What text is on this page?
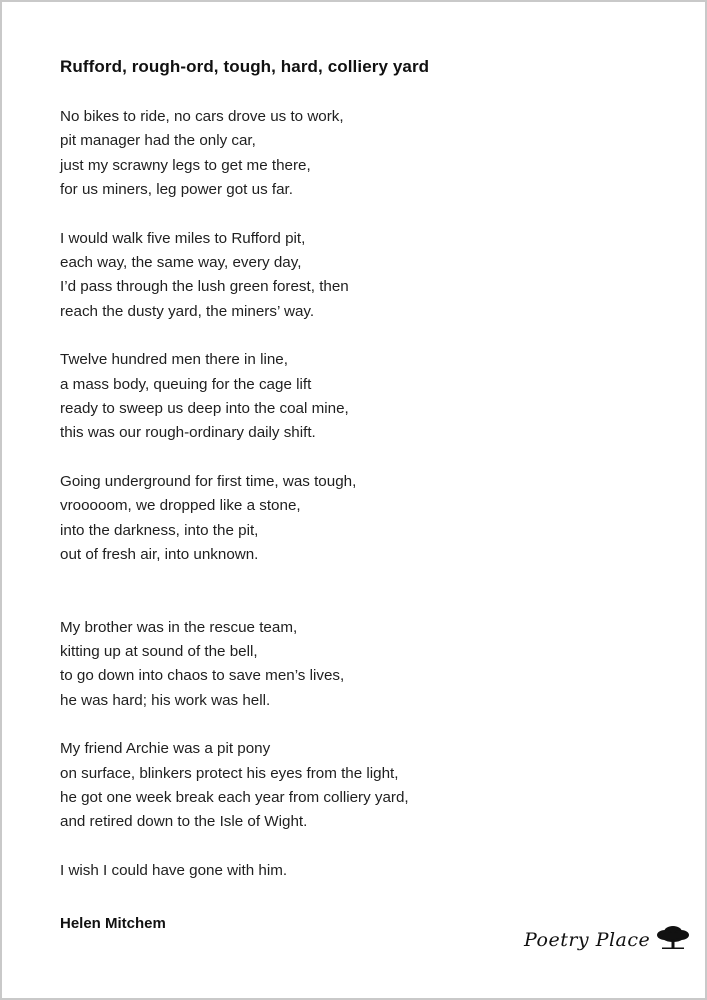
Rufford, rough-ord, tough, hard, colliery yard
No bikes to ride, no cars drove us to work,
pit manager had the only car,
just my scrawny legs to get me there,
for us miners, leg power got us far.
I would walk five miles to Rufford pit,
each way, the same way, every day,
I’d pass through the lush green forest, then
reach the dusty yard, the miners’ way.
Twelve hundred men there in line,
a mass body, queuing for the cage lift
ready to sweep us deep into the coal mine,
this was our rough-ordinary daily shift.
Going underground for first time, was tough,
vrooooom, we dropped like a stone,
into the darkness, into the pit,
out of fresh air, into unknown.
My brother was in the rescue team,
kitting up at sound of the bell,
to go down into chaos to save men’s lives,
he was hard; his work was hell.
My friend Archie was a pit pony
on surface, blinkers protect his eyes from the light,
he got one week break each year from colliery yard,
and retired down to the Isle of Wight.
I wish I could have gone with him.
Helen Mitchem
Poetry Place
